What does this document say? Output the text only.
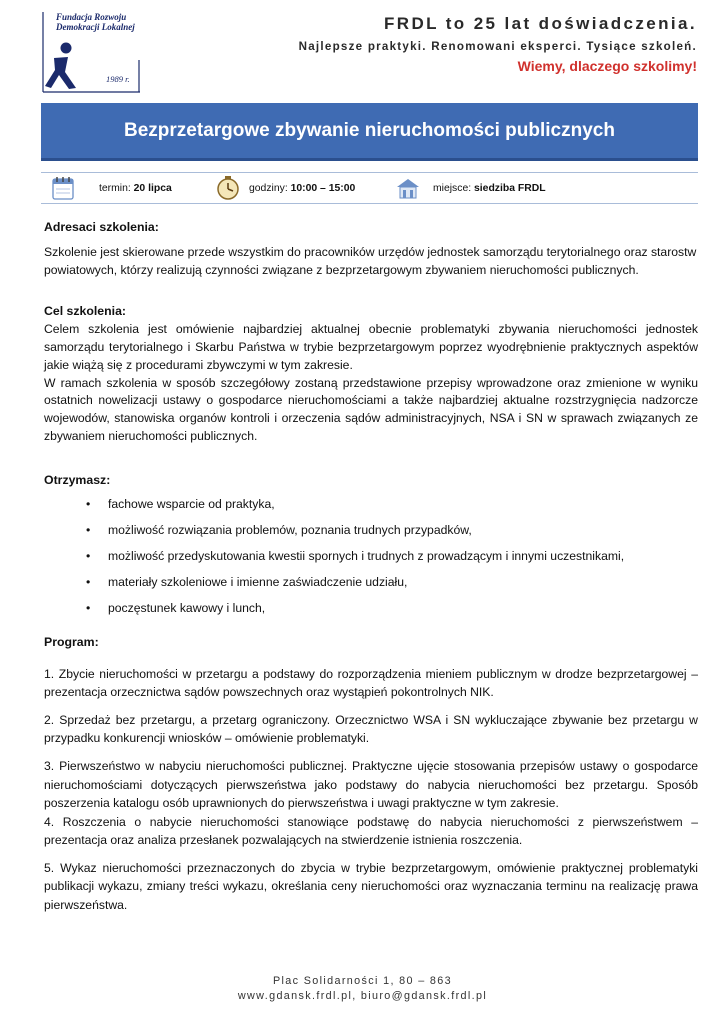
Fundacja Rozwoju
Demokracji Lokalnej
1989 r.
FRDL to 25 lat doświadczenia.
Najlepsze praktyki. Renomowani eksperci. Tysiące szkoleń.
Wiemy, dlaczego szkolimy!
Bezprzetargowe zbywanie nieruchomości publicznych
termin:
20 lipca	godziny:
10:00 – 15:00	miejsce:
siedziba FRDL
Adresaci szkolenia:

Szkolenie jest skierowane przede wszystkim do pracowników urzędów jednostek samorządu terytorialnego oraz starostw powiatowych, którzy realizują czynności związane z bezprzetargowym zbywaniem nieruchomości publicznych.

Cel szkolenia:

Celem szkolenia jest omówienie najbardziej aktualnej obecnie problematyki zbywania nieruchomości jednostek samorządu terytorialnego i Skarbu Państwa w trybie bezprzetargowym poprzez wyodrębnienie praktycznych aspektów jakie wiążą się z procedurami zbywczymi w tym zakresie.

W ramach szkolenia w sposób szczegółowy zostaną przedstawione przepisy wprowadzone oraz zmienione w wyniku ostatnich nowelizacji ustawy o gospodarce nieruchomościami a także najbardziej aktualne rozstrzygnięcia nadzorcze wojewodów, stanowiska organów kontroli i orzeczenia sądów administracyjnych, NSA i SN w sprawach związanych ze zbywaniem nieruchomości publicznych.

Otrzymasz:
• fachowe wsparcie od praktyka,
• możliwość rozwiązania problemów, poznania trudnych przypadków,
• możliwość przedyskutowania kwestii spornych i trudnych z prowadzącym i innymi uczestnikami,
• materiały szkoleniowe i imienne zaświadczenie udziału,
• poczęstunek kawowy i lunch,
Program:

1. Zbycie nieruchomości w przetargu a podstawy do rozporządzenia mieniem publicznym w drodze bezprzetargowej – prezentacja orzecznictwa sądów powszechnych oraz wystąpień pokontrolnych NIK.

2. Sprzedaż bez przetargu, a przetarg ograniczony. Orzecznictwo WSA i SN wykluczające zbywanie bez przetargu w przypadku konkurencji wniosków – omówienie problematyki.

3. Pierwszeństwo w nabyciu nieruchomości publicznej. Praktyczne ujęcie stosowania przepisów ustawy o gospodarce nieruchomościami dotyczących pierwszeństwa jako podstawy do nabycia nieruchomości bez przetargu. Sposób poszerzenia katalogu osób uprawnionych do pierwszeństwa i uwagi praktyczne w tym zakresie.

4. Roszczenia o nabycie nieruchomości stanowiące podstawę do nabycia nieruchomości z pierwszeństwem – prezentacja oraz analiza przesłanek pozwalających na stwierdzenie istnienia roszczenia.

5. Wykaz nieruchomości przeznaczonych do zbycia w trybie bezprzetargowym, omówienie praktycznej problematyki publikacji wykazu, zmiany treści wykazu, określania ceny nieruchomości oraz wyznaczania terminu na realizację prawa pierwszeństwa.

Plac Solidarności 1, 80 – 863
www.gdansk.frdl.pl, biuro@gdansk.frdl.pl
